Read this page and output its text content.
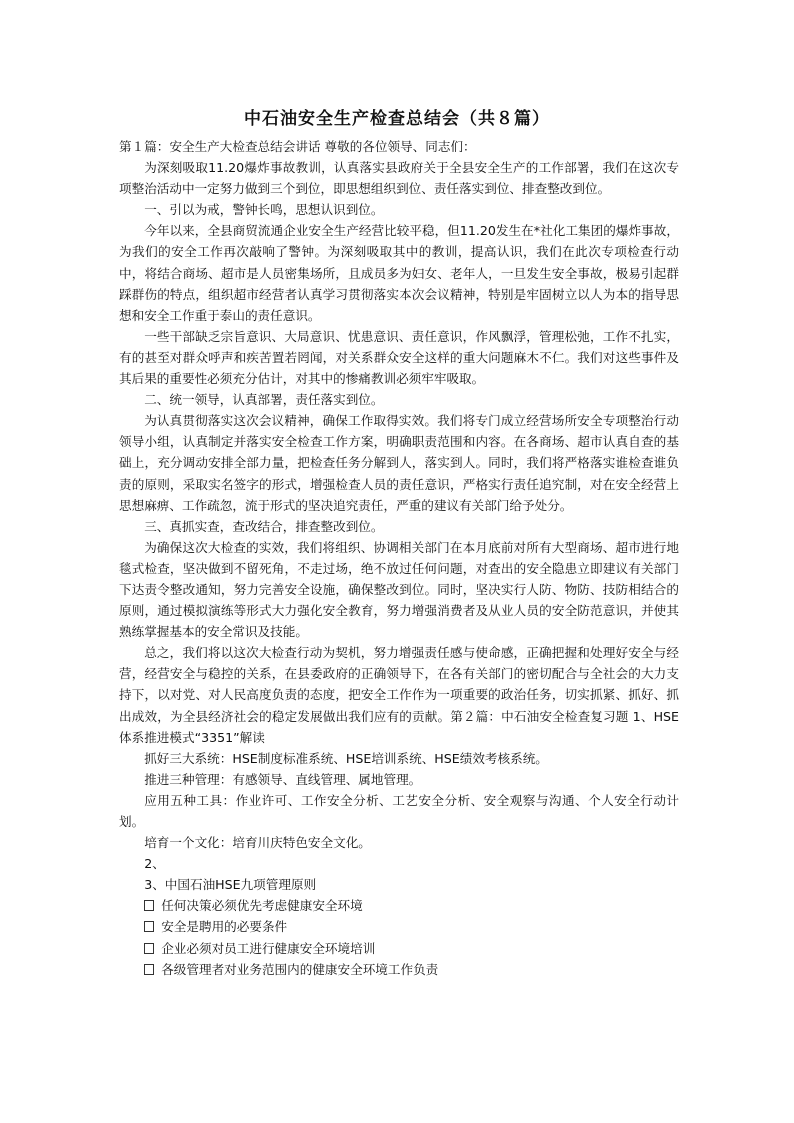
中石油安全生产检查总结会（共８篇）

第１篇：安全生产大检查总结会讲话 尊敬的各位领导、同志们：

为深刻吸取11.20爆炸事故教训，认真落实县政府关于全县安全生产的工作部署，我们在这次专项整治活动中一定努力做到三个到位，即思想组织到位、责任落实到位、排查整改到位。

一、引以为戒，警钟长鸣，思想认识到位。

今年以来，全县商贸流通企业安全生产经营比较平稳，但11.20发生在*社化工集团的爆炸事故，为我们的安全工作再次敲响了警钟。为深刻吸取其中的教训，提高认识，我们在此次专项检查行动中，将结合商场、超市是人员密集场所，且成员多为妇女、老年人，一旦发生安全事故，极易引起群踩群伤的特点，组织超市经营者认真学习贯彻落实本次会议精神，特别是牢固树立以人为本的指导思想和安全工作重于泰山的责任意识。

一些干部缺乏宗旨意识、大局意识、忧患意识、责任意识，作风飘浮，管理松弛，工作不扎实，有的甚至对群众呼声和疾苦置若罔闻，对关系群众安全这样的重大问题麻木不仁。我们对这些事件及其后果的重要性必须充分估计，对其中的惨痛教训必须牢牢吸取。

二、统一领导，认真部署，责任落实到位。

为认真贯彻落实这次会议精神，确保工作取得实效。我们将专门成立经营场所安全专项整治行动领导小组，认真制定并落实安全检查工作方案，明确职责范围和内容。在各商场、超市认真自查的基础上，充分调动安排全部力量，把检查任务分解到人，落实到人。同时，我们将严格落实谁检查谁负责的原则，采取实名签字的形式，增强检查人员的责任意识，严格实行责任追究制，对在安全经营上思想麻痹、工作疏忽，流于形式的坚决追究责任，严重的建议有关部门给予处分。

三、真抓实查，查改结合，排查整改到位。

为确保这次大检查的实效，我们将组织、协调相关部门在本月底前对所有大型商场、超市进行地毯式检查，坚决做到不留死角，不走过场，绝不放过任何问题，对查出的安全隐患立即建议有关部门下达责令整改通知，努力完善安全设施，确保整改到位。同时，坚决实行人防、物防、技防相结合的原则，通过模拟演练等形式大力强化安全教育，努力增强消费者及从业人员的安全防范意识，并使其熟练掌握基本的安全常识及技能。

总之，我们将以这次大检查行动为契机，努力增强责任感与使命感，正确把握和处理好安全与经营，经营安全与稳控的关系，在县委政府的正确领导下，在各有关部门的密切配合与全社会的大力支持下，以对党、对人民高度负责的态度，把安全工作作为一项重要的政治任务，切实抓紧、抓好、抓出成效，为全县经济社会的稳定发展做出我们应有的贡献。第２篇：中石油安全检查复习题 1、HSE体系推进模式“3351”解读

抓好三大系统：HSE制度标准系统、HSE培训系统、HSE绩效考核系统。

推进三种管理：有感领导、直线管理、属地管理。

应用五种工具：作业许可、工作安全分析、工艺安全分析、安全观察与沟通、个人安全行动计划。

培育一个文化：培育川庆特色安全文化。

2、

3、中国石油HSE九项管理原则

任何决策必须优先考虑健康安全环境

安全是聘用的必要条件

企业必须对员工进行健康安全环境培训

各级管理者对业务范围内的健康安全环境工作负责
